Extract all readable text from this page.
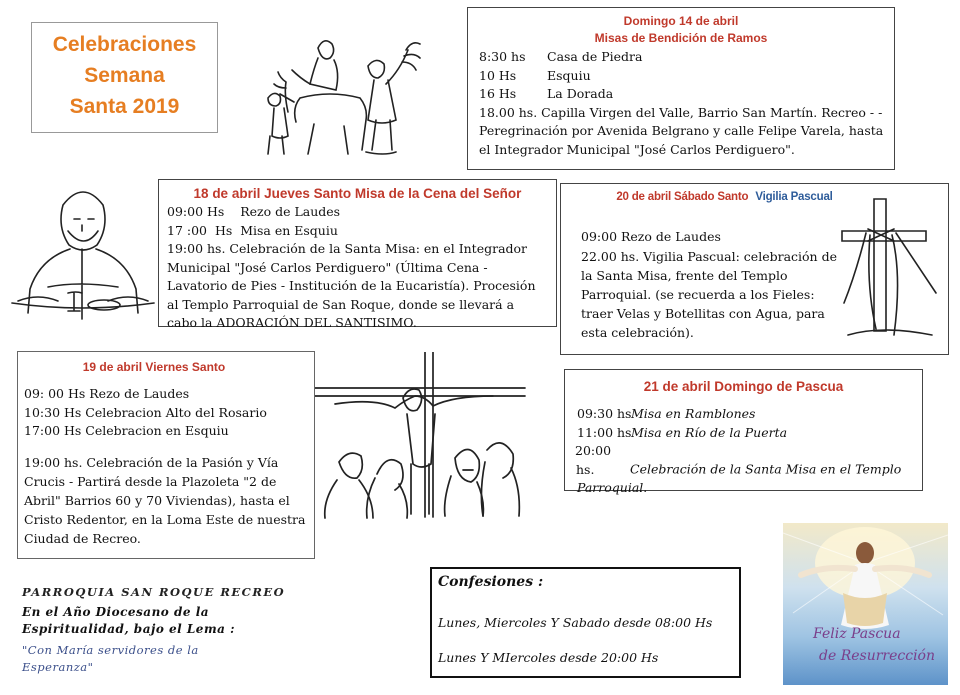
Celebraciones
Semana
Santa 2019
Domingo 14 de abril
Misas de Bendición de Ramos
8:30 hs Casa de Piedra
10 Hs Esquiu
16 Hs La Dorada
18.00 hs. Capilla Virgen del Valle, Barrio San Martín. Recreo - - Peregrinación por Avenida Belgrano y calle Felipe Varela, hasta el Integrador Municipal "José Carlos Perdiguero".
18 de abril Jueves Santo Misa de la Cena del Señor
09:00 Hs    Rezo de Laudes
17 :00  Hs  Misa en Esquiu
19:00 hs. Celebración de la Santa Misa: en el Integrador Municipal "José Carlos Perdiguero" (Última Cena - Lavatorio de Pies - Institución de la Eucaristía). Procesión al Templo Parroquial de San Roque, donde se llevará a cabo la ADORACIÓN DEL SANTISIMO.
20 de abril Sábado Santo Vigilia Pascual
09:00 Rezo de Laudes
22.00 hs. Vigilia Pascual: celebración de la Santa Misa, frente del Templo Parroquial. (se recuerda a los Fieles: traer Velas y Botellitas con Agua, para esta celebración).
19 de abril Viernes Santo
09: 00 Hs Rezo de Laudes
10:30 Hs Celebracion Alto del Rosario
17:00 Hs Celebracion en Esquiu
19:00 hs. Celebración de la Pasión y Vía Crucis - Partirá desde la Plazoleta "2 de Abril" Barrios 60 y 70 Viviendas), hasta el Cristo Redentor, en la Loma Este de nuestra Ciudad de Recreo.
21 de abril Domingo de Pascua
09:30 hsMisa en Ramblones
11:00 hsMisa en Río de la Puerta
20:00 hs.	Celebración de la Santa Misa en el Templo Parroquial.
PARROQUIA SAN ROQUE RECREO
En el Año Diocesano de la
Espiritualidad, bajo el Lema :
"Con María servidores de la Esperanza"
Confesiones :
Lunes, Miercoles Y Sabado desde 08:00 Hs
Lunes Y MIercoles desde 20:00 Hs
Feliz Pascua
de Resurrección
